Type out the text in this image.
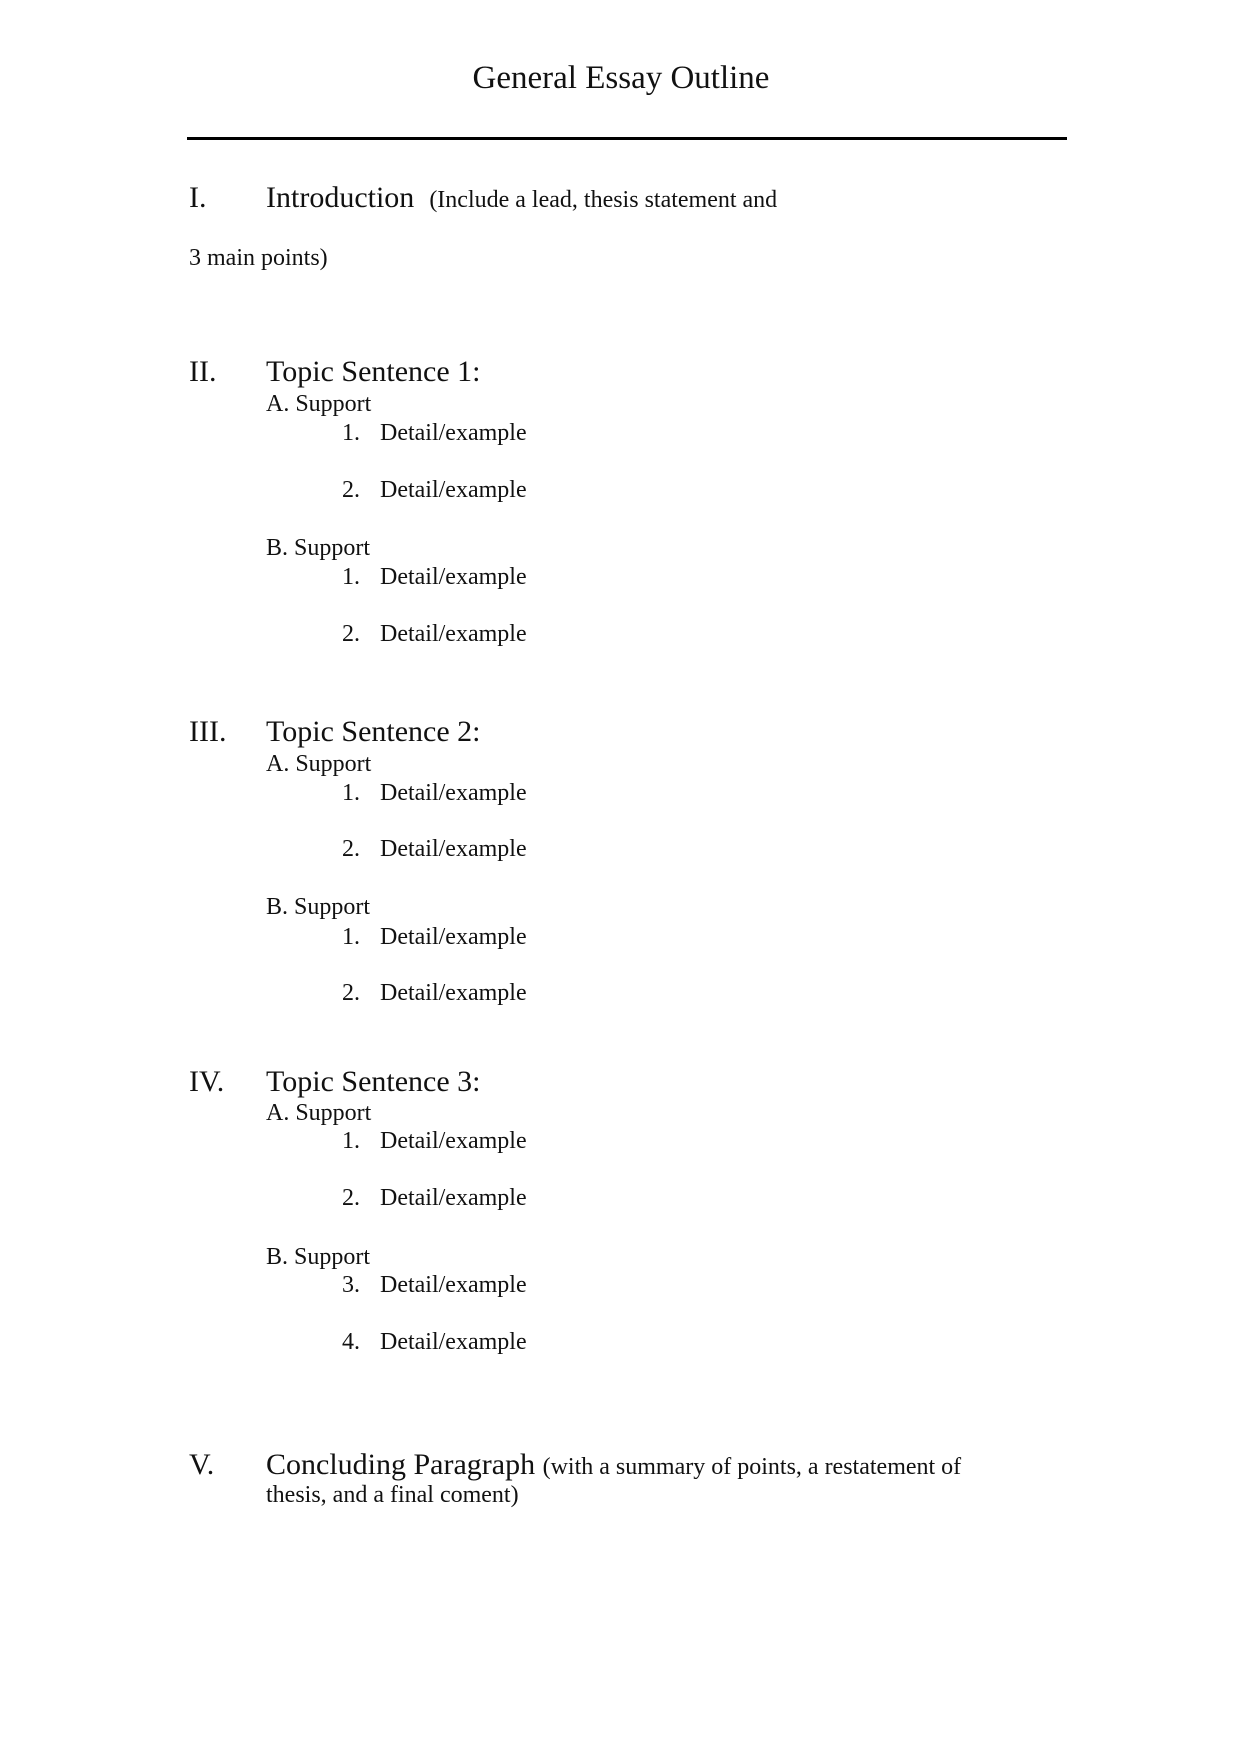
General Essay Outline
I. Introduction (Include a lead, thesis statement and
3 main points)
II. Topic Sentence 1:
A. Support
1. Detail/example
2. Detail/example
B. Support
1. Detail/example
2. Detail/example
III. Topic Sentence 2:
A. Support
1. Detail/example
2. Detail/example
B. Support
1. Detail/example
2. Detail/example
IV. Topic Sentence 3:
A. Support
1. Detail/example
2. Detail/example
B. Support
3. Detail/example
4. Detail/example
V. Concluding Paragraph (with a summary of points, a restatement of
thesis, and a final coment)
